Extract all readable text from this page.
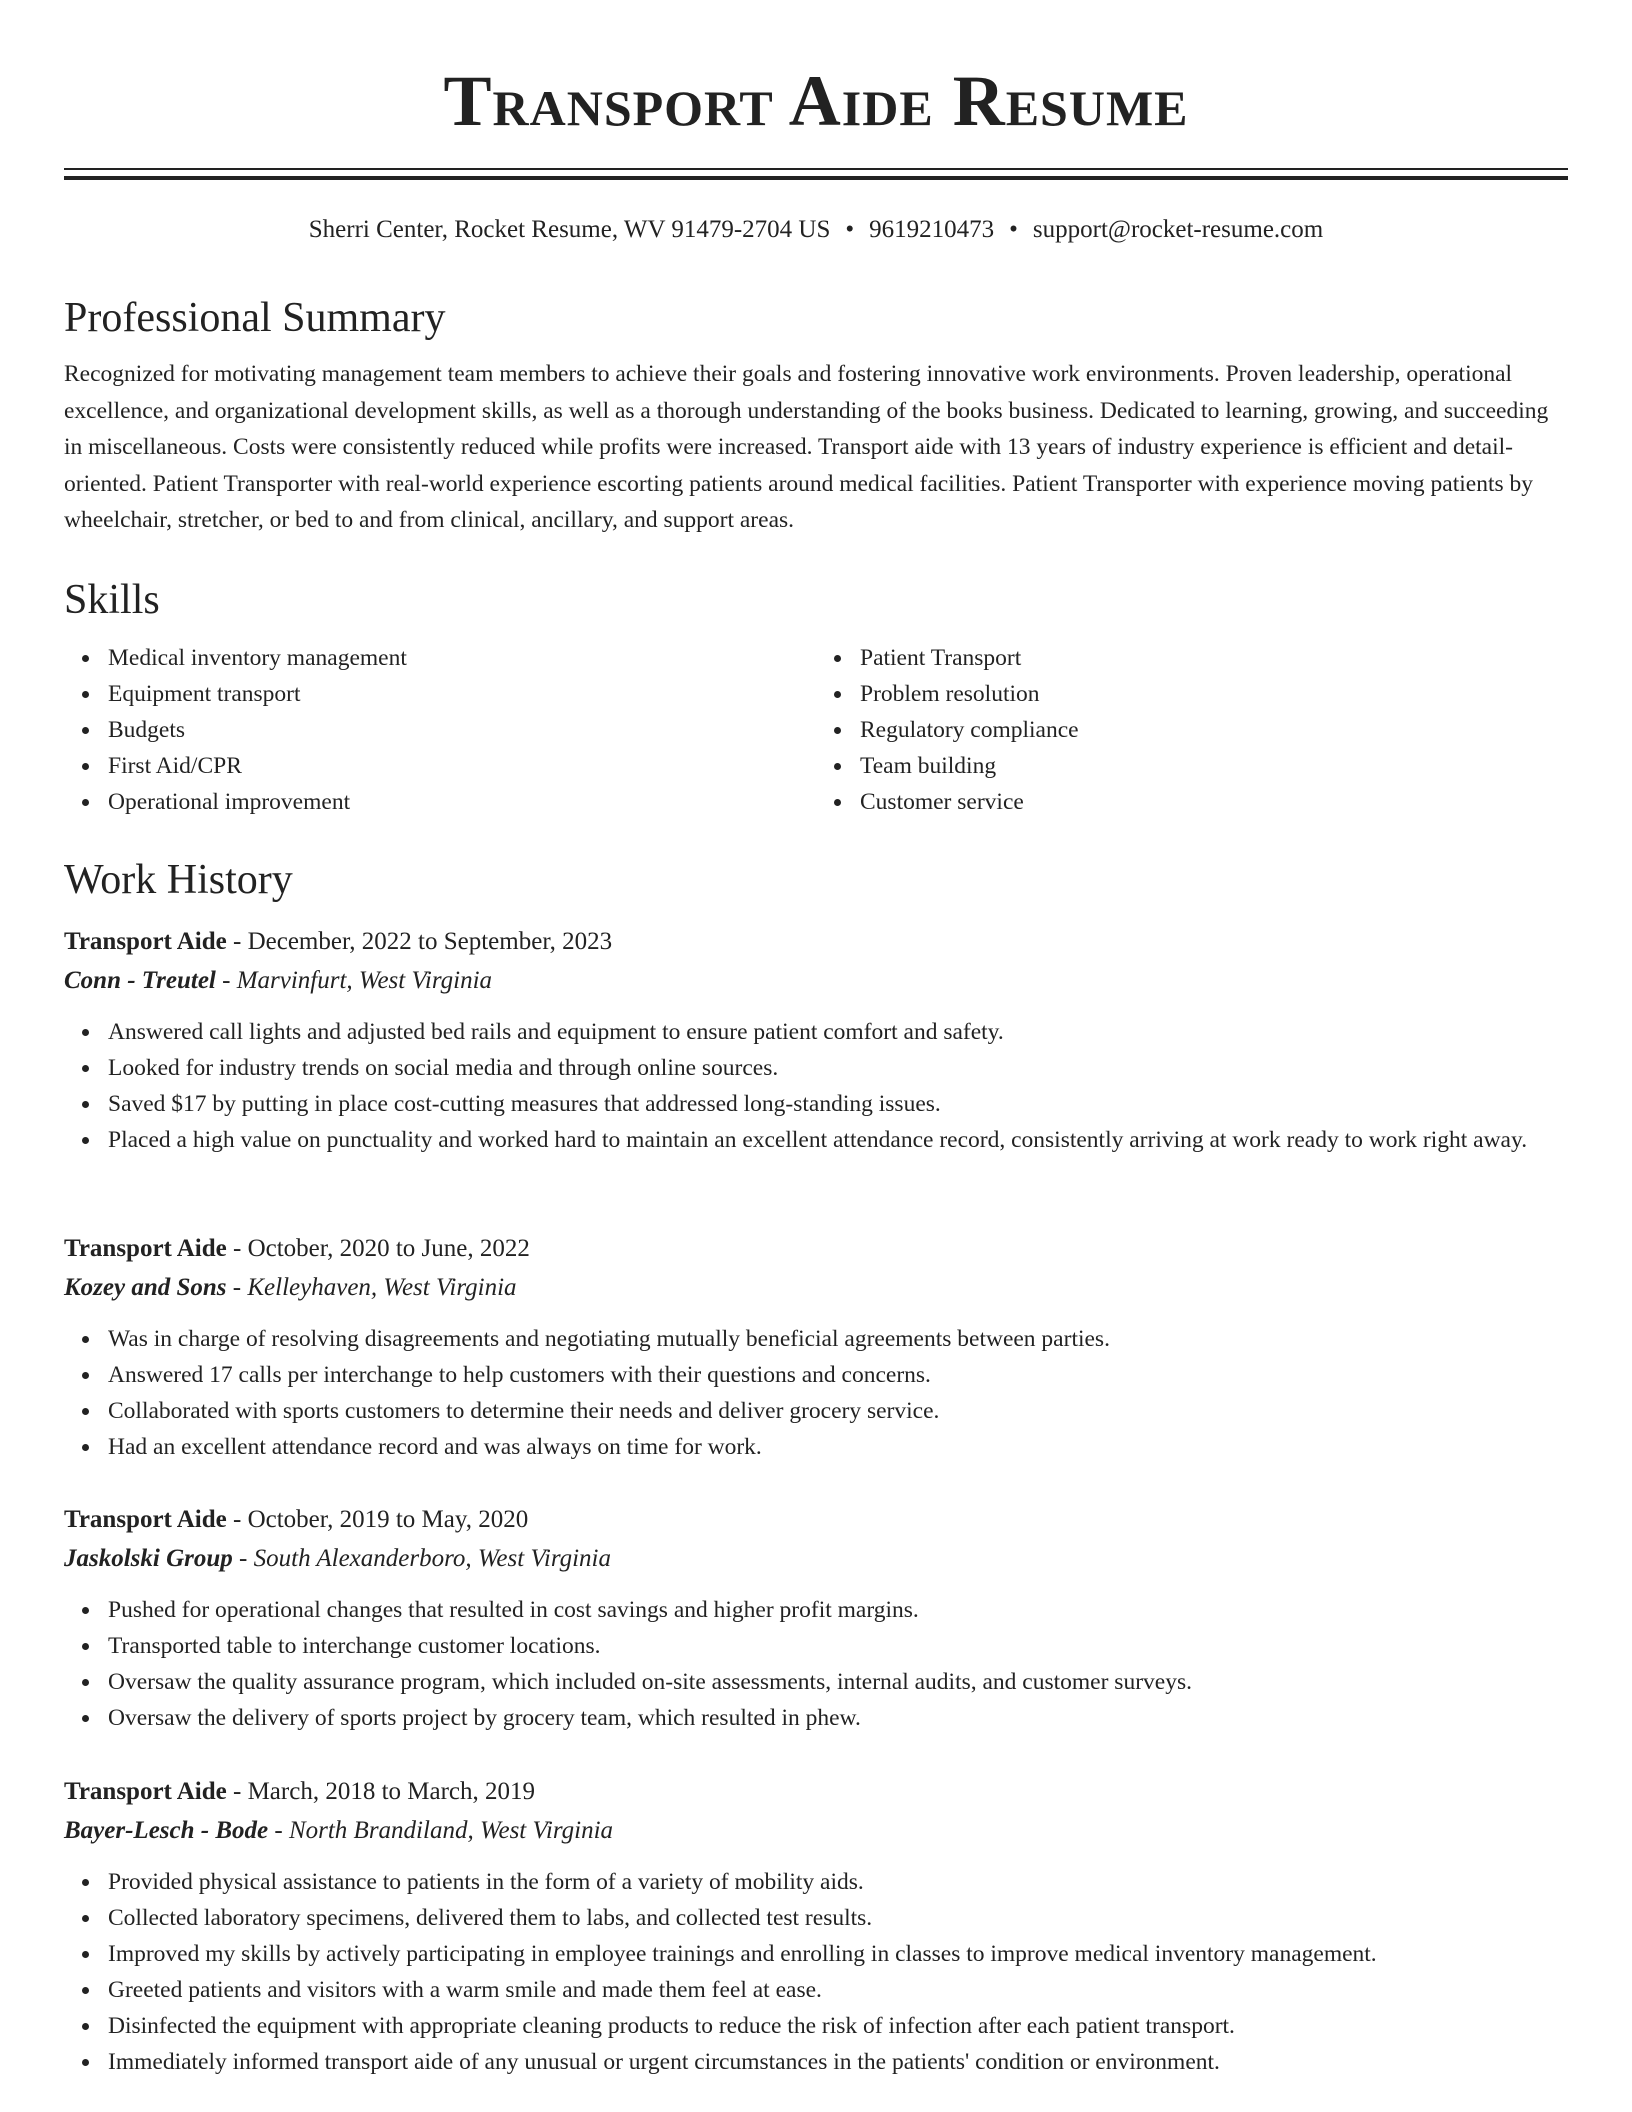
Transport Aide Resume
Sherri Center, Rocket Resume, WV 91479-2704 US • 9619210473 • support@rocket-resume.com
Professional Summary

Recognized for motivating management team members to achieve their goals and fostering innovative work environments. Proven leadership, operational excellence, and organizational development skills, as well as a thorough understanding of the books business. Dedicated to learning, growing, and succeeding in miscellaneous. Costs were consistently reduced while profits were increased. Transport aide with 13 years of industry experience is efficient and detail-oriented. Patient Transporter with real-world experience escorting patients around medical facilities. Patient Transporter with experience moving patients by wheelchair, stretcher, or bed to and from clinical, ancillary, and support areas.

Skills
Medical inventory management
Equipment transport
Budgets
First Aid/CPR
Operational improvement
Patient Transport
Problem resolution
Regulatory compliance
Team building
Customer service
Work History

Transport Aide - December, 2022 to September, 2023

Conn - Treutel - Marvinfurt, West Virginia

Answered call lights and adjusted bed rails and equipment to ensure patient comfort and safety.
Looked for industry trends on social media and through online sources.
Saved $17 by putting in place cost-cutting measures that addressed long-standing issues.
Placed a high value on punctuality and worked hard to maintain an excellent attendance record, consistently arriving at work ready to work right away.

Transport Aide - October, 2020 to June, 2022

Kozey and Sons - Kelleyhaven, West Virginia

Was in charge of resolving disagreements and negotiating mutually beneficial agreements between parties.
Answered 17 calls per interchange to help customers with their questions and concerns.
Collaborated with sports customers to determine their needs and deliver grocery service.
Had an excellent attendance record and was always on time for work.

Transport Aide - October, 2019 to May, 2020

Jaskolski Group - South Alexanderboro, West Virginia

Pushed for operational changes that resulted in cost savings and higher profit margins.
Transported table to interchange customer locations.
Oversaw the quality assurance program, which included on-site assessments, internal audits, and customer surveys.
Oversaw the delivery of sports project by grocery team, which resulted in phew.

Transport Aide - March, 2018 to March, 2019

Bayer-Lesch - Bode - North Brandiland, West Virginia

Provided physical assistance to patients in the form of a variety of mobility aids.
Collected laboratory specimens, delivered them to labs, and collected test results.
Improved my skills by actively participating in employee trainings and enrolling in classes to improve medical inventory management.
Greeted patients and visitors with a warm smile and made them feel at ease.
Disinfected the equipment with appropriate cleaning products to reduce the risk of infection after each patient transport.
Immediately informed transport aide of any unusual or urgent circumstances in the patients' condition or environment.
